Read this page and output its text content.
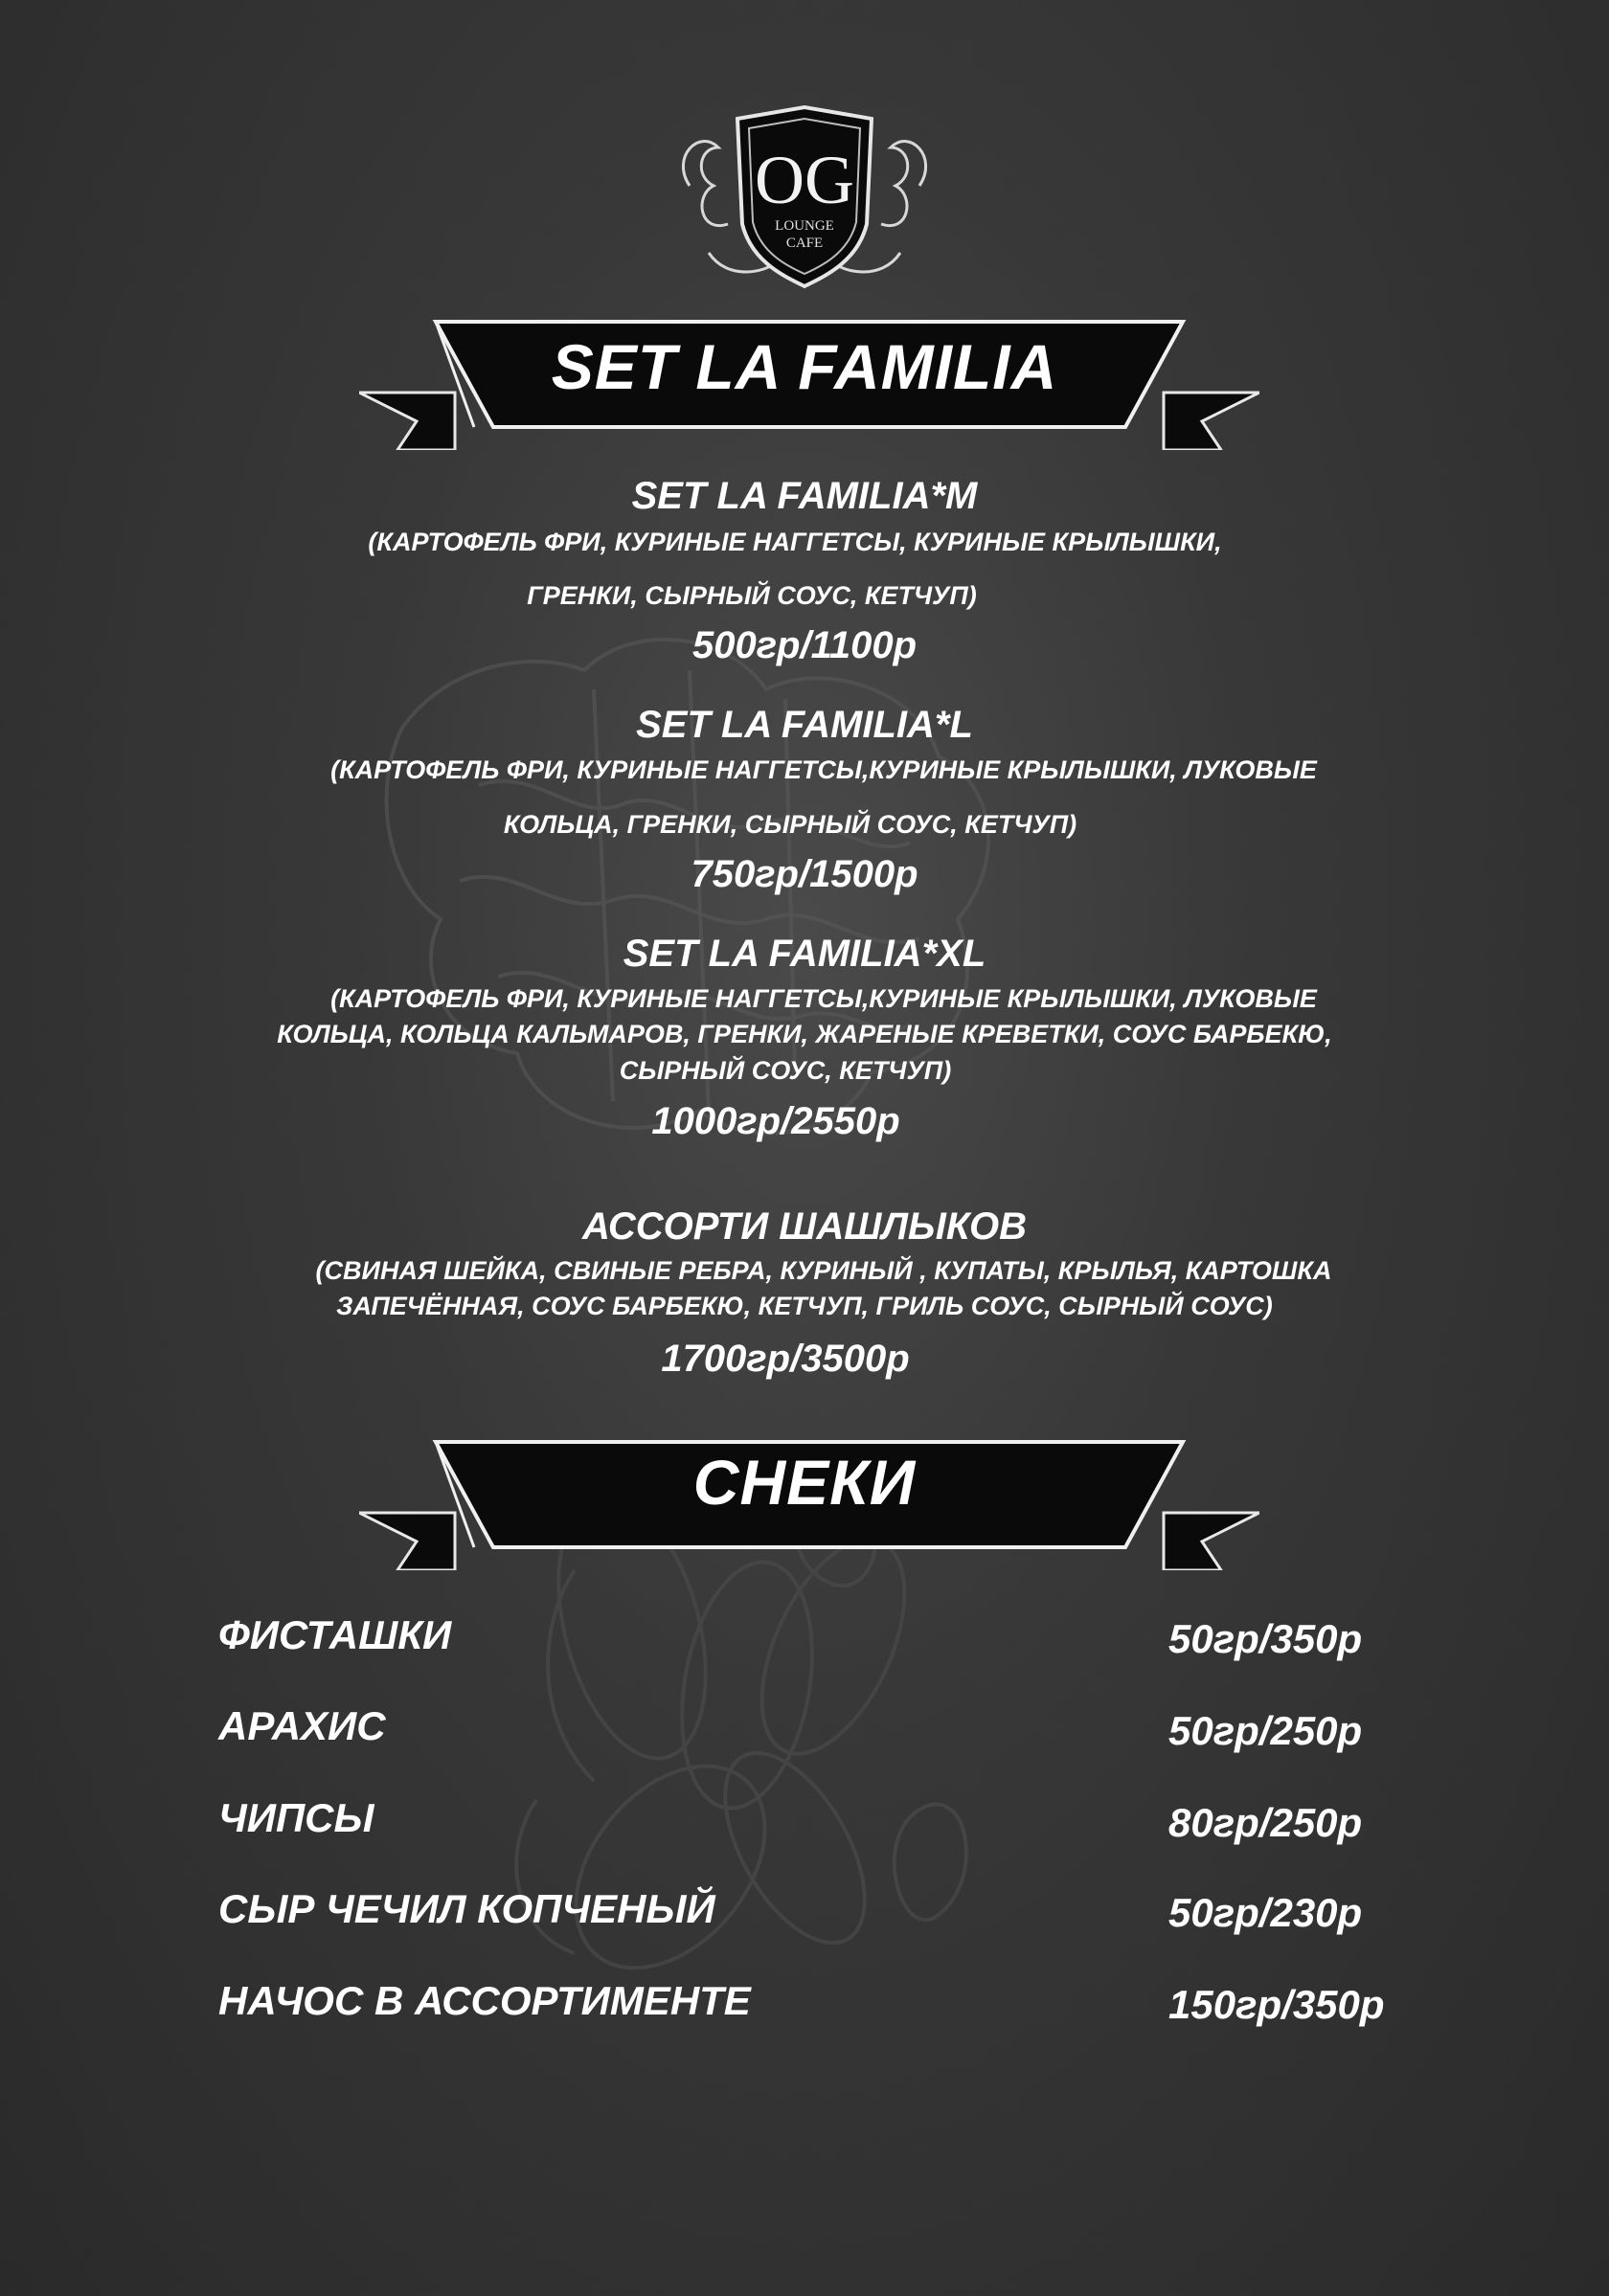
OG
LOUNGE
CAFE
SET LA FAMILIA
SET LA FAMILIA*M
(КАРТОФЕЛЬ ФРИ, КУРИНЫЕ НАГГЕТСЫ, КУРИНЫЕ КРЫЛЫШКИ,
ГРЕНКИ, СЫРНЫЙ СОУС, КЕТЧУП)
500гр/1100р
SET LA FAMILIA*L
(КАРТОФЕЛЬ ФРИ, КУРИНЫЕ НАГГЕТСЫ,КУРИНЫЕ КРЫЛЫШКИ, ЛУКОВЫЕ
КОЛЬЦА, ГРЕНКИ, СЫРНЫЙ СОУС, КЕТЧУП)
750гр/1500р
SET LA FAMILIA*XL
(КАРТОФЕЛЬ ФРИ, КУРИНЫЕ НАГГЕТСЫ,КУРИНЫЕ КРЫЛЫШКИ, ЛУКОВЫЕ
КОЛЬЦА, КОЛЬЦА КАЛЬМАРОВ, ГРЕНКИ, ЖАРЕНЫЕ КРЕВЕТКИ, СОУС БАРБЕКЮ,
СЫРНЫЙ СОУС, КЕТЧУП)
1000гр/2550р
АССОРТИ ШАШЛЫКОВ
(СВИНАЯ ШЕЙКА, СВИНЫЕ РЕБРА, КУРИНЫЙ , КУПАТЫ, КРЫЛЬЯ, КАРТОШКА
ЗАПЕЧЁННАЯ, СОУС БАРБЕКЮ, КЕТЧУП, ГРИЛЬ СОУС, СЫРНЫЙ СОУС)
1700гр/3500р
СНЕКИ
ФИСТАШКИ	50гр/350р
АРАХИС	50гр/250р
ЧИПСЫ	80гр/250р
СЫР ЧЕЧИЛ КОПЧЕНЫЙ	50гр/230р
НАЧОС В АССОРТИМЕНТЕ	150гр/350р
